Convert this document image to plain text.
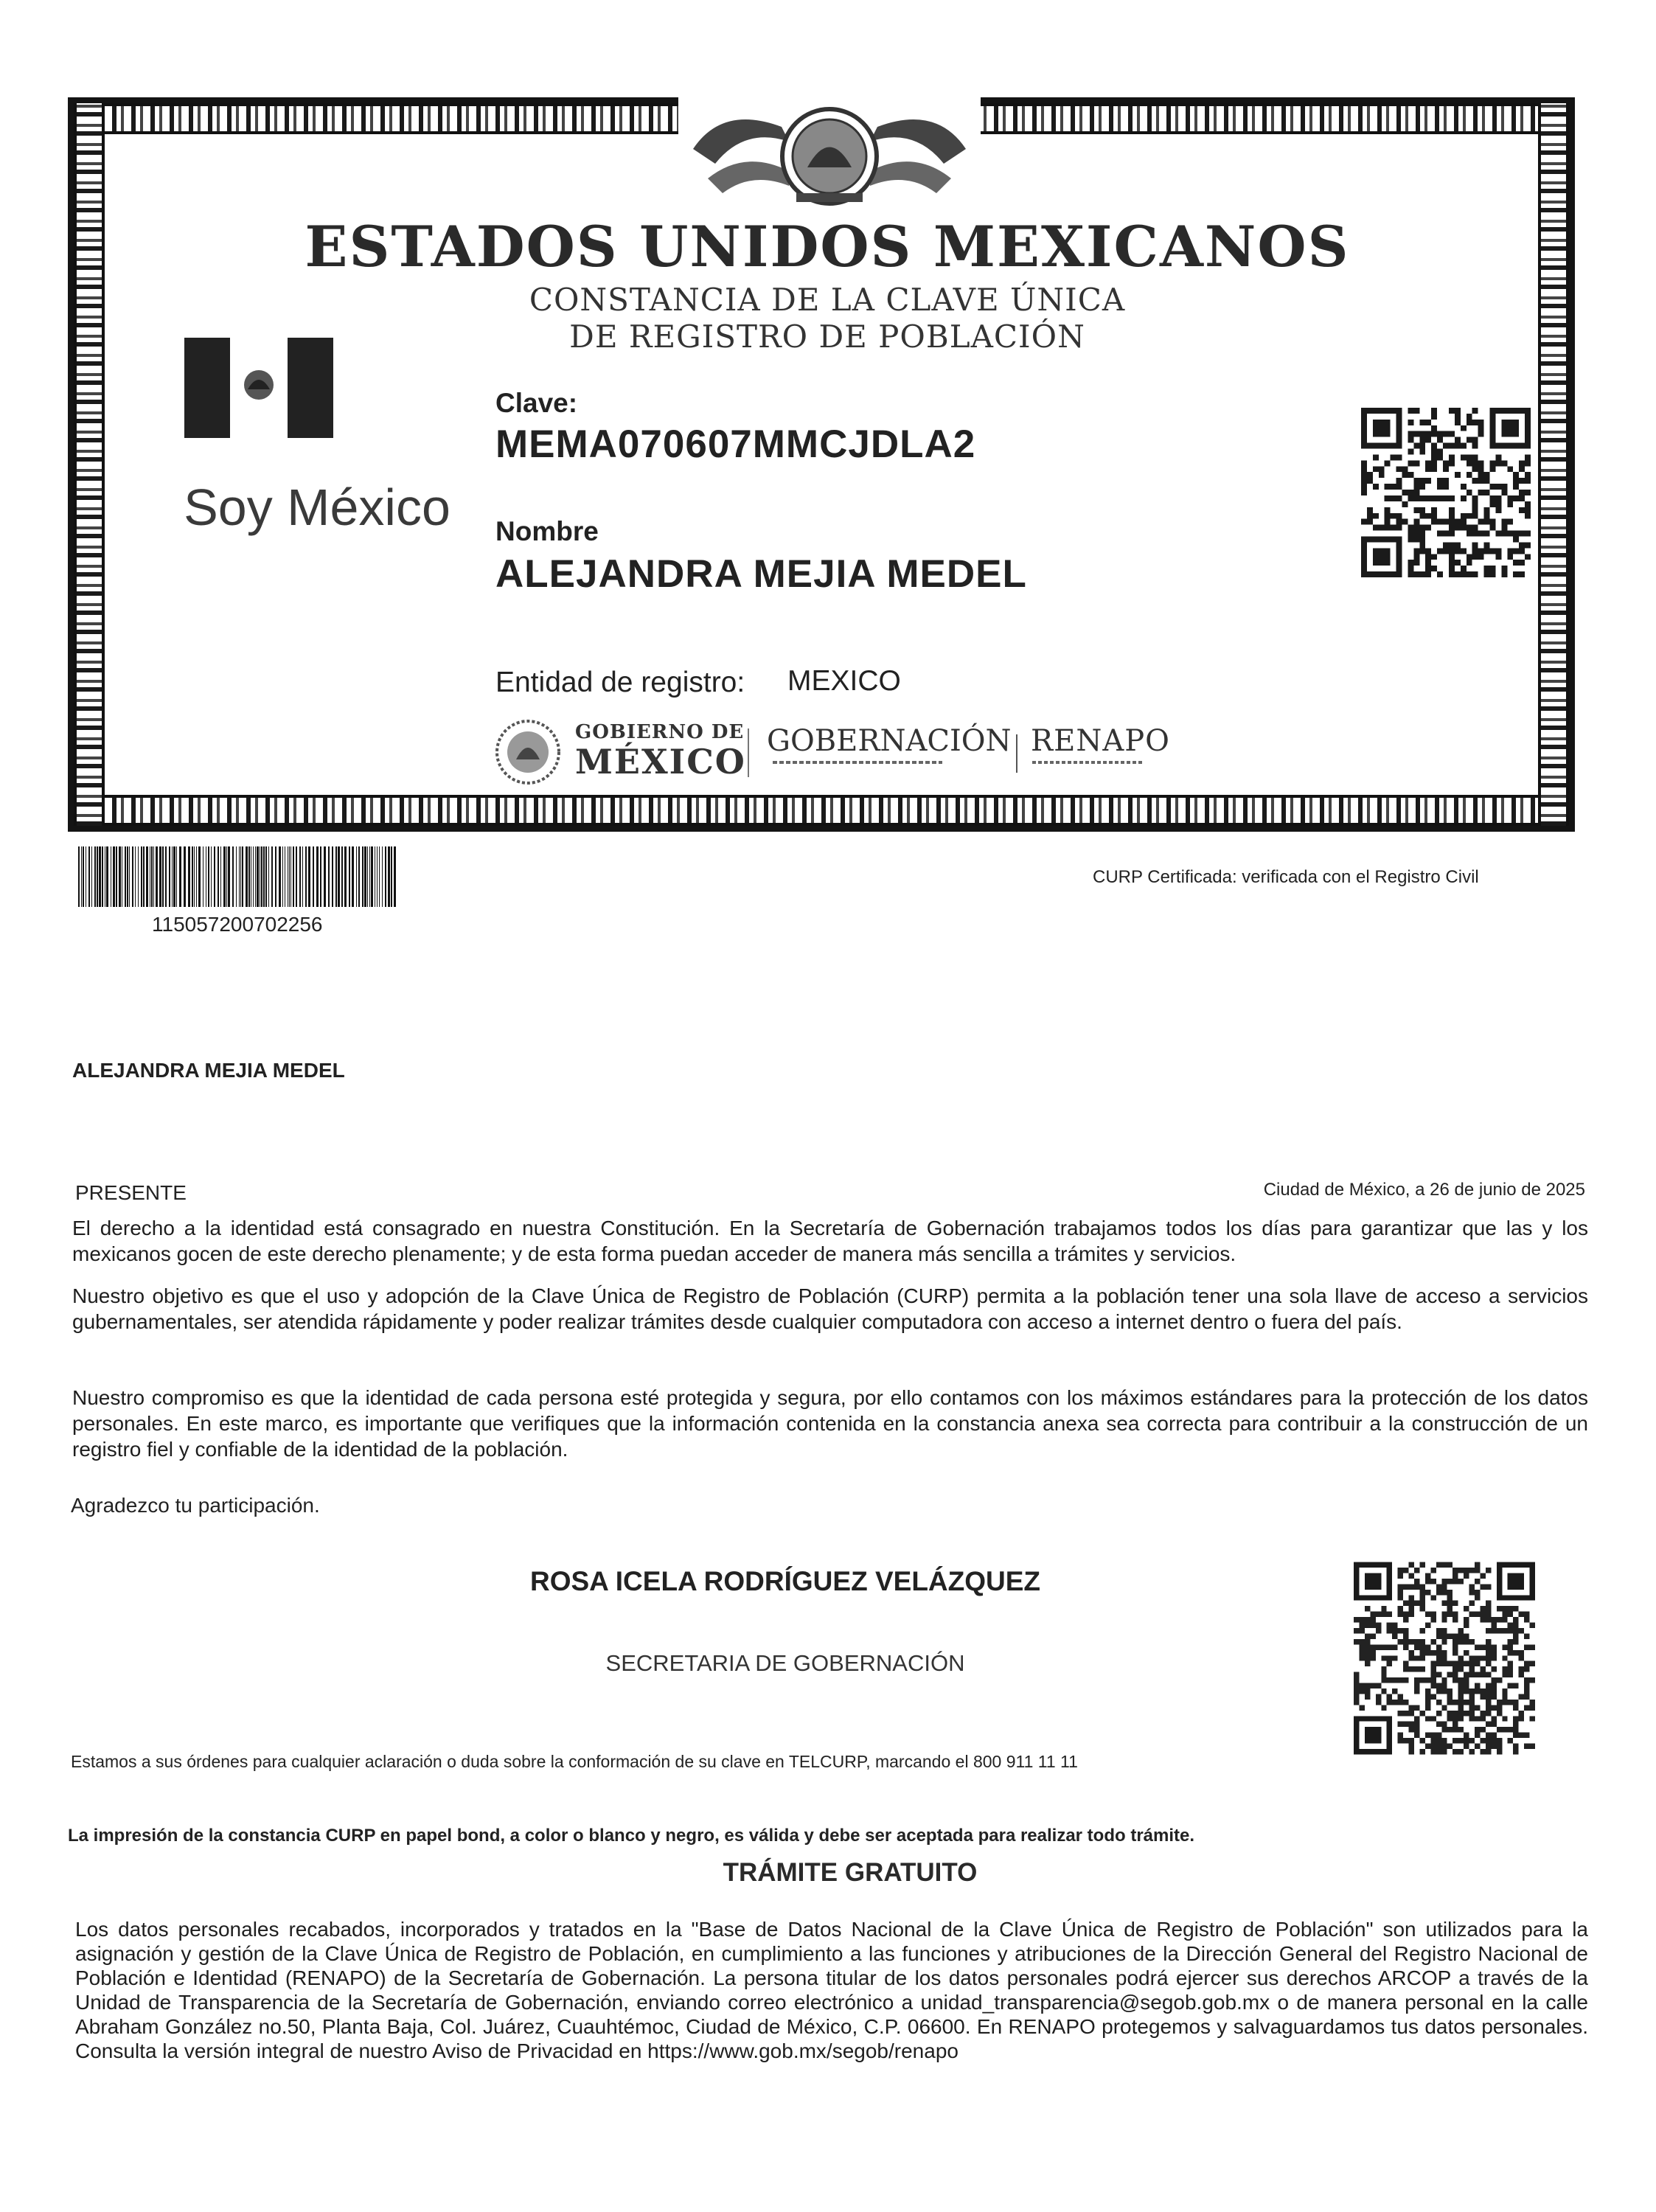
ESTADOS UNIDOS MEXICANOS
CONSTANCIA DE LA CLAVE ÚNICA
DE REGISTRO DE POBLACIÓN
Soy México
Clave:
MEMA070607MMCJDLA2
Nombre
ALEJANDRA MEJIA MEDEL
Entidad de registro: MEXICO
GOBIERNO DE
MÉXICO
GOBERNACIÓN RENAPO
115057200702256
CURP Certificada: verificada con el Registro Civil
ALEJANDRA MEJIA MEDEL
PRESENTE	Ciudad de México, a 26 de junio de 2025
El derecho a la identidad está consagrado en nuestra Constitución. En la Secretaría de Gobernación trabajamos todos los días para garantizar que las y los mexicanos gocen de este derecho plenamente; y de esta forma puedan acceder de manera más sencilla a trámites y servicios.
Nuestro objetivo es que el uso y adopción de la Clave Única de Registro de Población (CURP) permita a la población tener una sola llave de acceso a servicios gubernamentales, ser atendida rápidamente y poder realizar trámites desde cualquier computadora con acceso a internet dentro o fuera del país.
Nuestro compromiso es que la identidad de cada persona esté protegida y segura, por ello contamos con los máximos estándares para la protección de los datos personales. En este marco, es importante que verifiques que la información contenida en la constancia anexa sea correcta para contribuir a la construcción de un registro fiel y confiable de la identidad de la población.
Agradezco tu participación.
ROSA ICELA RODRÍGUEZ VELÁZQUEZ
SECRETARIA DE GOBERNACIÓN
Estamos a sus órdenes para cualquier aclaración o duda sobre la conformación de su clave en TELCURP, marcando el 800 911 11 11
La impresión de la constancia CURP en papel bond, a color o blanco y negro, es válida y debe ser aceptada para realizar todo trámite.
TRÁMITE GRATUITO
Los datos personales recabados, incorporados y tratados en la "Base de Datos Nacional de la Clave Única de Registro de Población" son utilizados para la asignación y gestión de la Clave Única de Registro de Población, en cumplimiento a las funciones y atribuciones de la Dirección General del Registro Nacional de Población e Identidad (RENAPO) de la Secretaría de Gobernación. La persona titular de los datos personales podrá ejercer sus derechos ARCOP a través de la Unidad de Transparencia de la Secretaría de Gobernación, enviando correo electrónico a unidad_transparencia@segob.gob.mx o de manera personal en la calle Abraham González no.50, Planta Baja, Col. Juárez, Cuauhtémoc, Ciudad de México, C.P. 06600. En RENAPO protegemos y salvaguardamos tus datos personales. Consulta la versión integral de nuestro Aviso de Privacidad en https://www.gob.mx/segob/renapo
